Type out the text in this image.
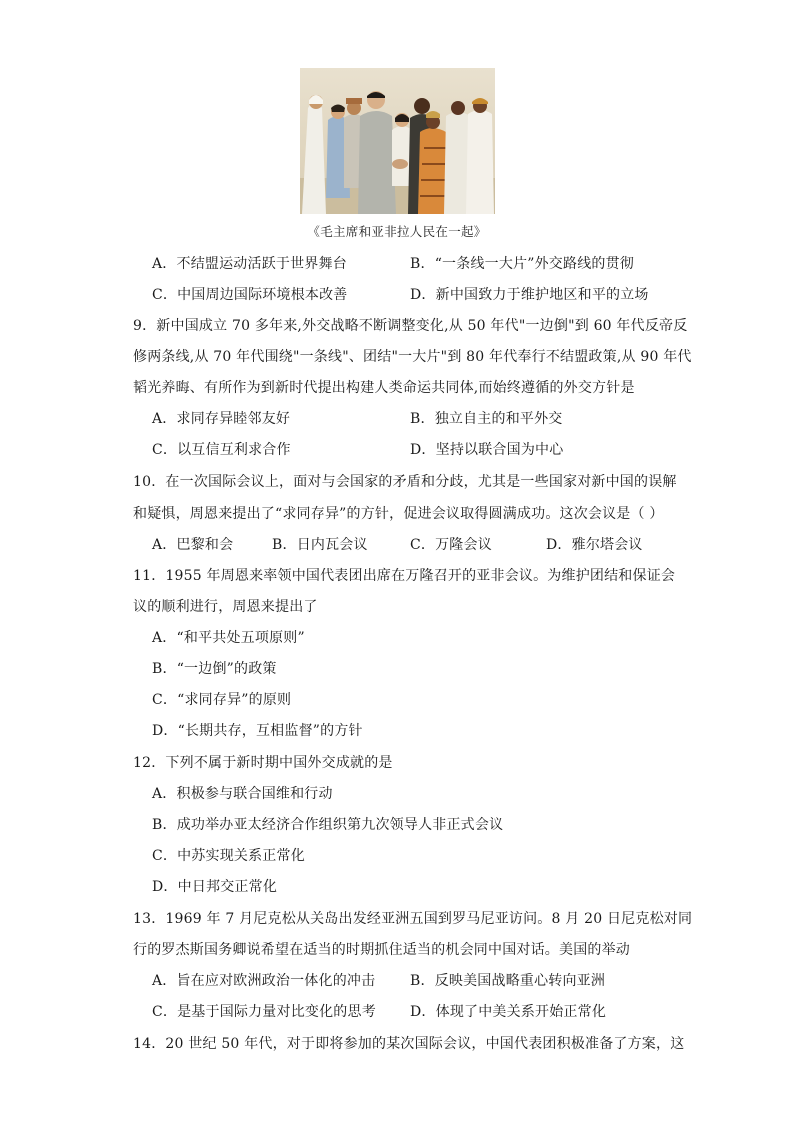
《毛主席和亚非拉人民在一起》
A．不结盟运动活跃于世界舞台	B．“一条线一大片”外交路线的贯彻
C．中国周边国际环境根本改善	D．新中国致力于维护地区和平的立场
9．新中国成立 70 多年来,外交战略不断调整变化,从 50 年代"一边倒"到 60 年代反帝反
修两条线,从 70 年代围绕"一条线"、团结"一大片"到 80 年代奉行不结盟政策,从 90 年代
韬光养晦、有所作为到新时代提出构建人类命运共同体,而始终遵循的外交方针是
A．求同存异睦邻友好	B．独立自主的和平外交
C．以互信互利求合作	D．坚持以联合国为中心
10．在一次国际会议上，面对与会国家的矛盾和分歧，尤其是一些国家对新中国的误解
和疑惧，周恩来提出了“求同存异”的方针，促进会议取得圆满成功。这次会议是（ ）
A．巴黎和会	B．日内瓦会议	C．万隆会议	D．雅尔塔会议
11．1955 年周恩来率领中国代表团出席在万隆召开的亚非会议。为维护团结和保证会
议的顺利进行，周恩来提出了
A．“和平共处五项原则”
B．“一边倒”的政策
C．“求同存异”的原则
D．“长期共存，互相监督”的方针
12．下列不属于新时期中国外交成就的是
A．积极参与联合国维和行动
B．成功举办亚太经济合作组织第九次领导人非正式会议
C．中苏实现关系正常化
D．中日邦交正常化
13．1969 年 7 月尼克松从关岛出发经亚洲五国到罗马尼亚访问。8 月 20 日尼克松对同
行的罗杰斯国务卿说希望在适当的时期抓住适当的机会同中国对话。美国的举动
A．旨在应对欧洲政治一体化的冲击 B．反映美国战略重心转向亚洲
C．是基于国际力量对比变化的思考 D．体现了中美关系开始正常化
14．20 世纪 50 年代，对于即将参加的某次国际会议，中国代表团积极准备了方案，这
